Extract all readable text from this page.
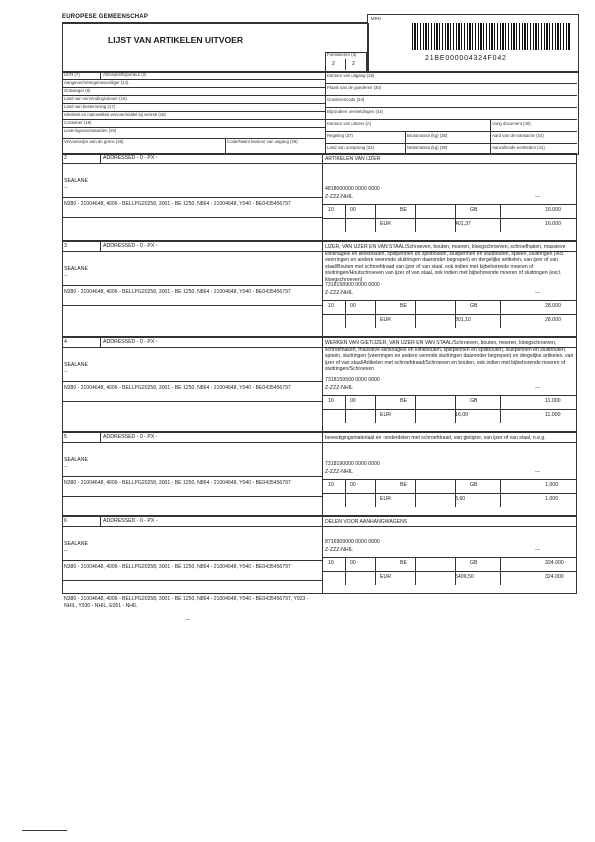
EUROPESE GEMEENSCHAP
LIJST VAN ARTIKELEN UITVOER
MRN
21BE000004324F042
Formulieren (3)
2	2
UCR (7)	Afzender/Exporteur (2)
Aangever/Vertegenwoordiger (14)
Ontvanger (8)
Land van verzending/uitvoer (15)
Land van bestemming (17)
Identiteit en nationaliteit vervoermiddel bij vertrek (18)
Container (19)
Leveringsvoorwaarden (20)
Vervoerwijze aan de grens (25)	Code/Naam kantoor van uitgang (29)
Kantoor van uitgang (29)
Plaats van de goederen (30)
Goederencode (33)
Bijzondere vermeldingen (44)
Kantoor van uitvoer (A)	Vorig document (40)
Regeling (37)	Brutomassa (kg) (35)	Aard van de transactie (24)
Land van oorsprong (34)	Nettomassa (kg) (38)	Aanvullende eenheden (41)
2	ADDRESSED - 0 - PX -
SEALANE
--
N380 - 21004648, 4006 - BELLPG20258, 3001 - BE 1250, N864 - 21004648, Y040 - BE0435456797
ARTIKELEN VAN IJZER
4818000000 0000 0000
Z-ZZZ-NHIL	---
10	00	BE	GB	16.000
EUR	401,37	16.000
3	ADDRESSED - 0 - PX -
SEALANE
--
N380 - 21004648, 4006 - BELLPG20258, 3001 - BE 1250, N864 - 21004648, Y040 - BE0435456797
IJZER, VAN IJZER EN VAN STAAL/Schroeven, bouten, moeren, kloegschroeven, schroefhaken, massieve klinknagels en klinkbouten, splitpennen en splitbouten, sluitpennen en sluitbouten, spieën, sluitringen (incl. veerringen en andere veerende sluitringen daaronder begrepen) en dergelijke artikelen, van ijzer of van staal/Bouten met schroefdraad van ijzer of van staal, ook indien met bijbehorende moeren of sluitringen/Houtschroeven van ijzer of van staal, ook indien met bijbehorende moeren of sluitringen (excl. kloegschroeven)
7318158900 0000 0000
Z-ZZZ-NHIL	---
10	00	BE	GB	28.000
EUR	301,10	28.000
4	ADDRESSED - 0 - PX -
SEALANE
--
N380 - 21004648, 4006 - BELLPG20258, 3001 - BE 1250, N864 - 21004648, Y040 - BE0435456797
WERKEN VAN GIETIJZER, VAN IJZER EN VAN STAAL/Schroeven, bouten, moeren, kloegschroeven, schroefhaken, massieve klinknagels en klinkbouten, splitpennen en splitbouten, sluitpennen en sluitbouten, spieën, sluitringen (veerringen en andere verende sluitringen daaronder begrepen) en dergelijke artikelen, van ijzer of van staal/Artikelen met schroefdraad/Schroeven en bouten, ook indien met bijbehorende moeren of sluitringen/Schroeven
7318159500 0000 0000
Z-ZZZ-NHIL	---
10	00	BE	GB	11.000
EUR	16,00	11.000
5	ADDRESSED - 0 - PX -
SEALANE
--
N380 - 21004648, 4006 - BELLPG20258, 3001 - BE 1250, N864 - 21004648, Y040 - BE0435456797
bevestigingsmateriaal en -onderdelen met schroefdraad, van gietijzer, van ijzer of van staal, n.e.g.
7318190000 0000 0000
Z-ZZZ-NHIL	---
10	00	BE	GB	1.000
EUR	3,60	1.000
6	ADDRESSED - 0 - PX -
SEALANE
--
N380 - 21004648, 4006 - BELLPG20258, 3001 - BE 1250, N864 - 21004648, Y040 - BE0435456797
DELEN VOOR AANHANGWAGENS
8716909000 0000 0000
Z-ZZZ-NHIL	---
10	00	BE	GB	324.000
EUR	5409,50	324.000
N380 - 21004648, 4006 - BELLPG20258, 3001 - BE 1250, N864 - 21004648, Y040 - BE0435456797, Y923 - NHIL, Y930 - NHIL, E051 - NHIL
---
